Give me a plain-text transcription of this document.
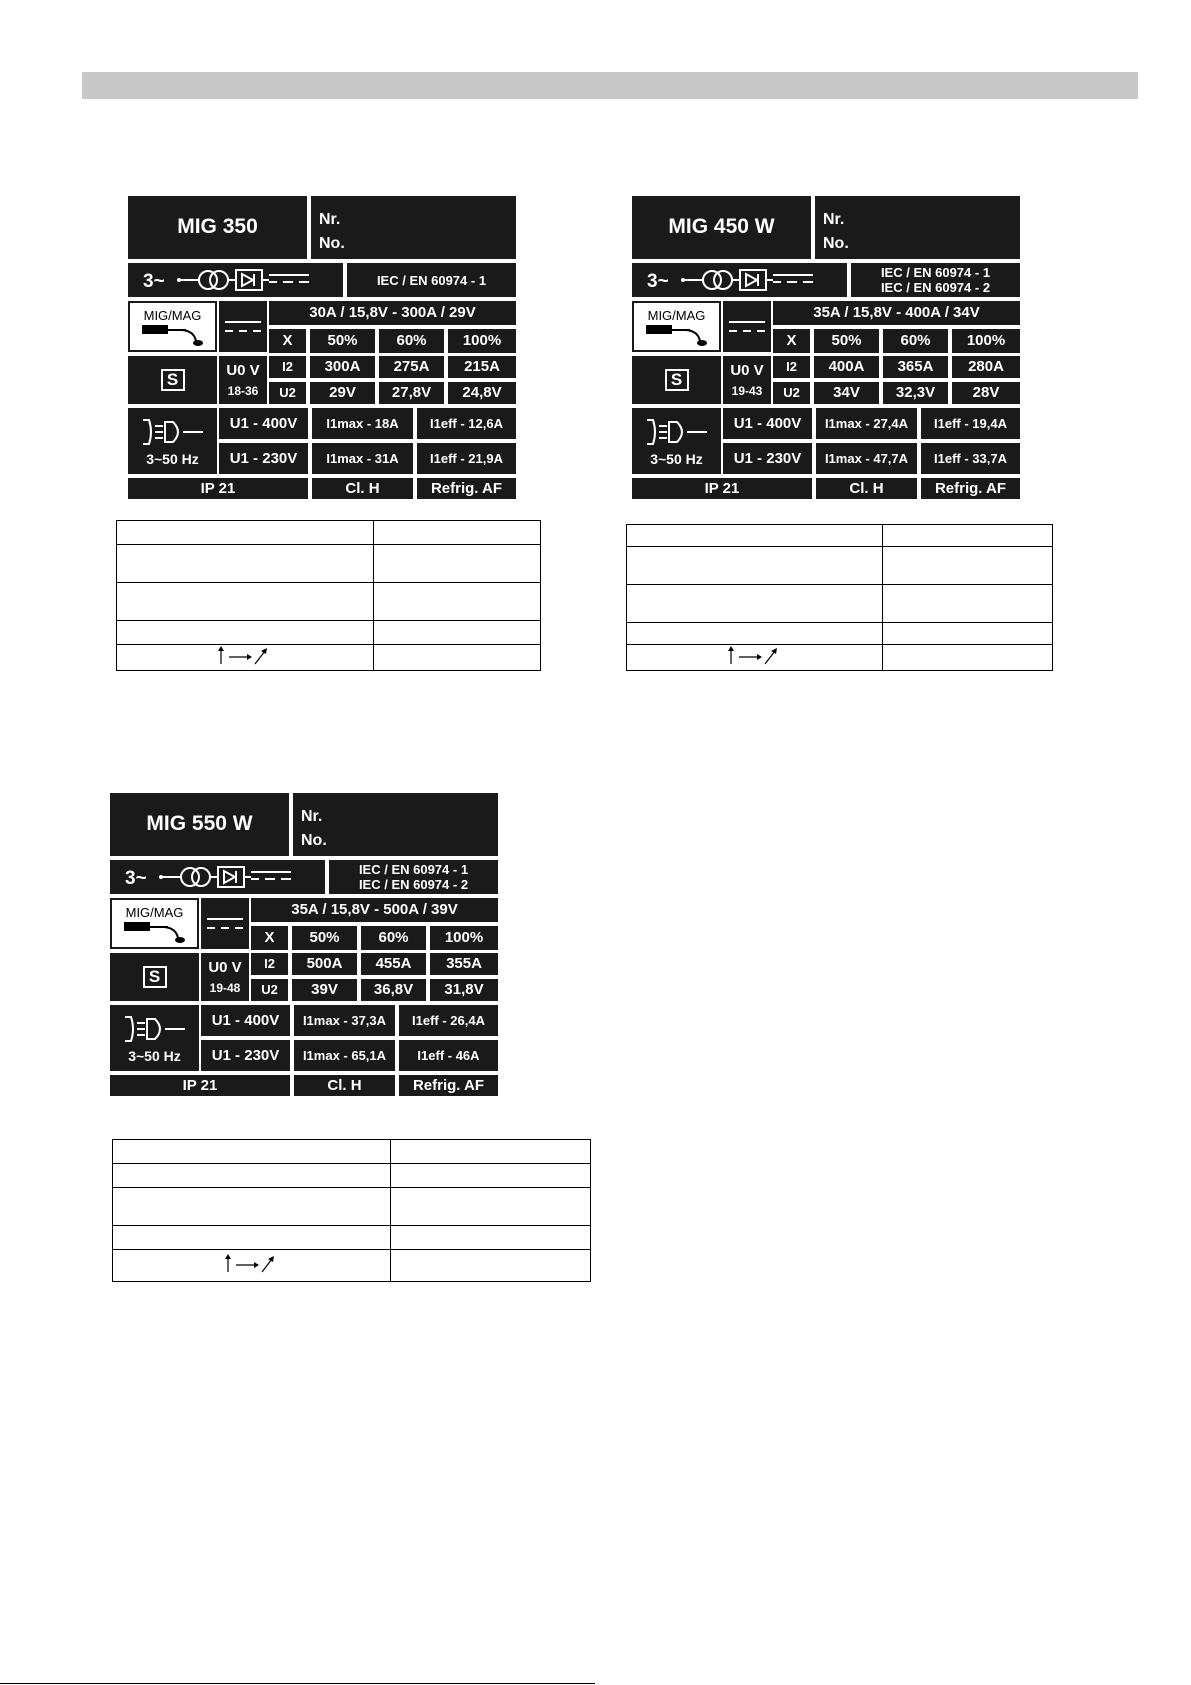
MIG 350	Nr.
No.
3~	IEC / EN 60974 - 1
MIG/MAG	30A / 15,8V - 300A / 29V
X	50%	60%	100%
S	U0 V
18-36
I2	300A	275A	215A
U2	29V	27,8V	24,8V
3~50 Hz
U1 - 400V	I1max - 18A	I1eff - 12,6A
U1 - 230V	I1max - 31A	I1eff - 21,9A
IP 21	Cl. H	Refrig. AF

MIG 450 W	Nr.
No.
3~	IEC / EN 60974 - 1
IEC / EN 60974 - 2
MIG/MAG	35A / 15,8V - 400A / 34V
X	50%	60%	100%
S	U0 V
19-43
I2	400A	365A	280A
U2	34V	32,3V	28V
3~50 Hz
U1 - 400V	I1max - 27,4A	I1eff - 19,4A
U1 - 230V	I1max - 47,7A	I1eff - 33,7A
IP 21	Cl. H	Refrig. AF

MIG 550 W	Nr.
No.
3~	IEC / EN 60974 - 1
IEC / EN 60974 - 2
MIG/MAG	35A / 15,8V - 500A / 39V
X	50%	60%	100%
S	U0 V
19-48
I2	500A	455A	355A
U2	39V	36,8V	31,8V
3~50 Hz
U1 - 400V	I1max - 37,3A	I1eff - 26,4A
U1 - 230V	I1max - 65,1A	I1eff - 46A
IP 21	Cl. H	Refrig. AF
